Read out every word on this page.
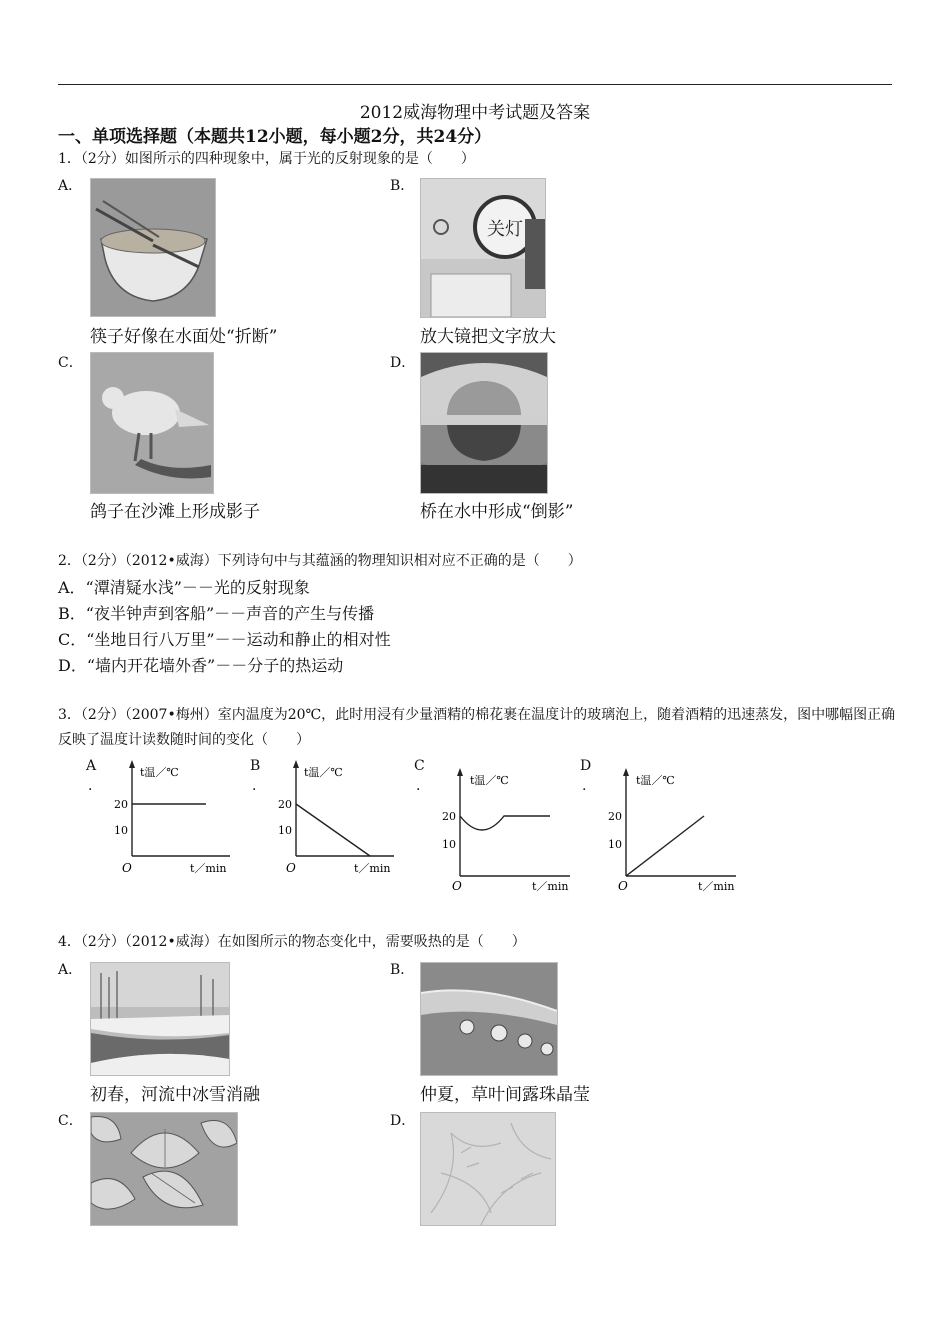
2012威海物理中考试题及答案
一、单项选择题（本题共12小题，每小题2分，共24分）
1．（2分）如图所示的四种现象中，属于光的反射现象的是（　　）
A．
筷子好像在水面处“折断”
B．
关灯
放大镜把文字放大
C．
鸽子在沙滩上形成影子
D．
桥在水中形成“倒影”
2．（2分）（2012•威海）下列诗句中与其蕴涵的物理知识相对应不正确的是（　　）
A．“潭清疑水浅”－－光的反射现象
B．“夜半钟声到客船”－－声音的产生与传播
C．“坐地日行八万里”－－运动和静止的相对性
D．“墙内开花墙外香”－－分子的热运动
3．（2分）（2007•梅州）室内温度为20℃，此时用浸有少量酒精的棉花裹在温度计的玻璃泡上，随着酒精的迅速蒸发，图中哪幅图正确反映了温度计读数随时间的变化（　　）
A
.
t温／℃
20
10
O	t／min
B
.
t温／℃
20
10
O	t／min
C
.	t温／℃
20
10
O	t／min
D
.	t温／℃
20
10
O	t／min
4．（2分）（2012•威海）在如图所示的物态变化中，需要吸热的是（　　）
A．
初春，河流中冰雪消融
B．
仲夏，草叶间露珠晶莹
C．	D．
